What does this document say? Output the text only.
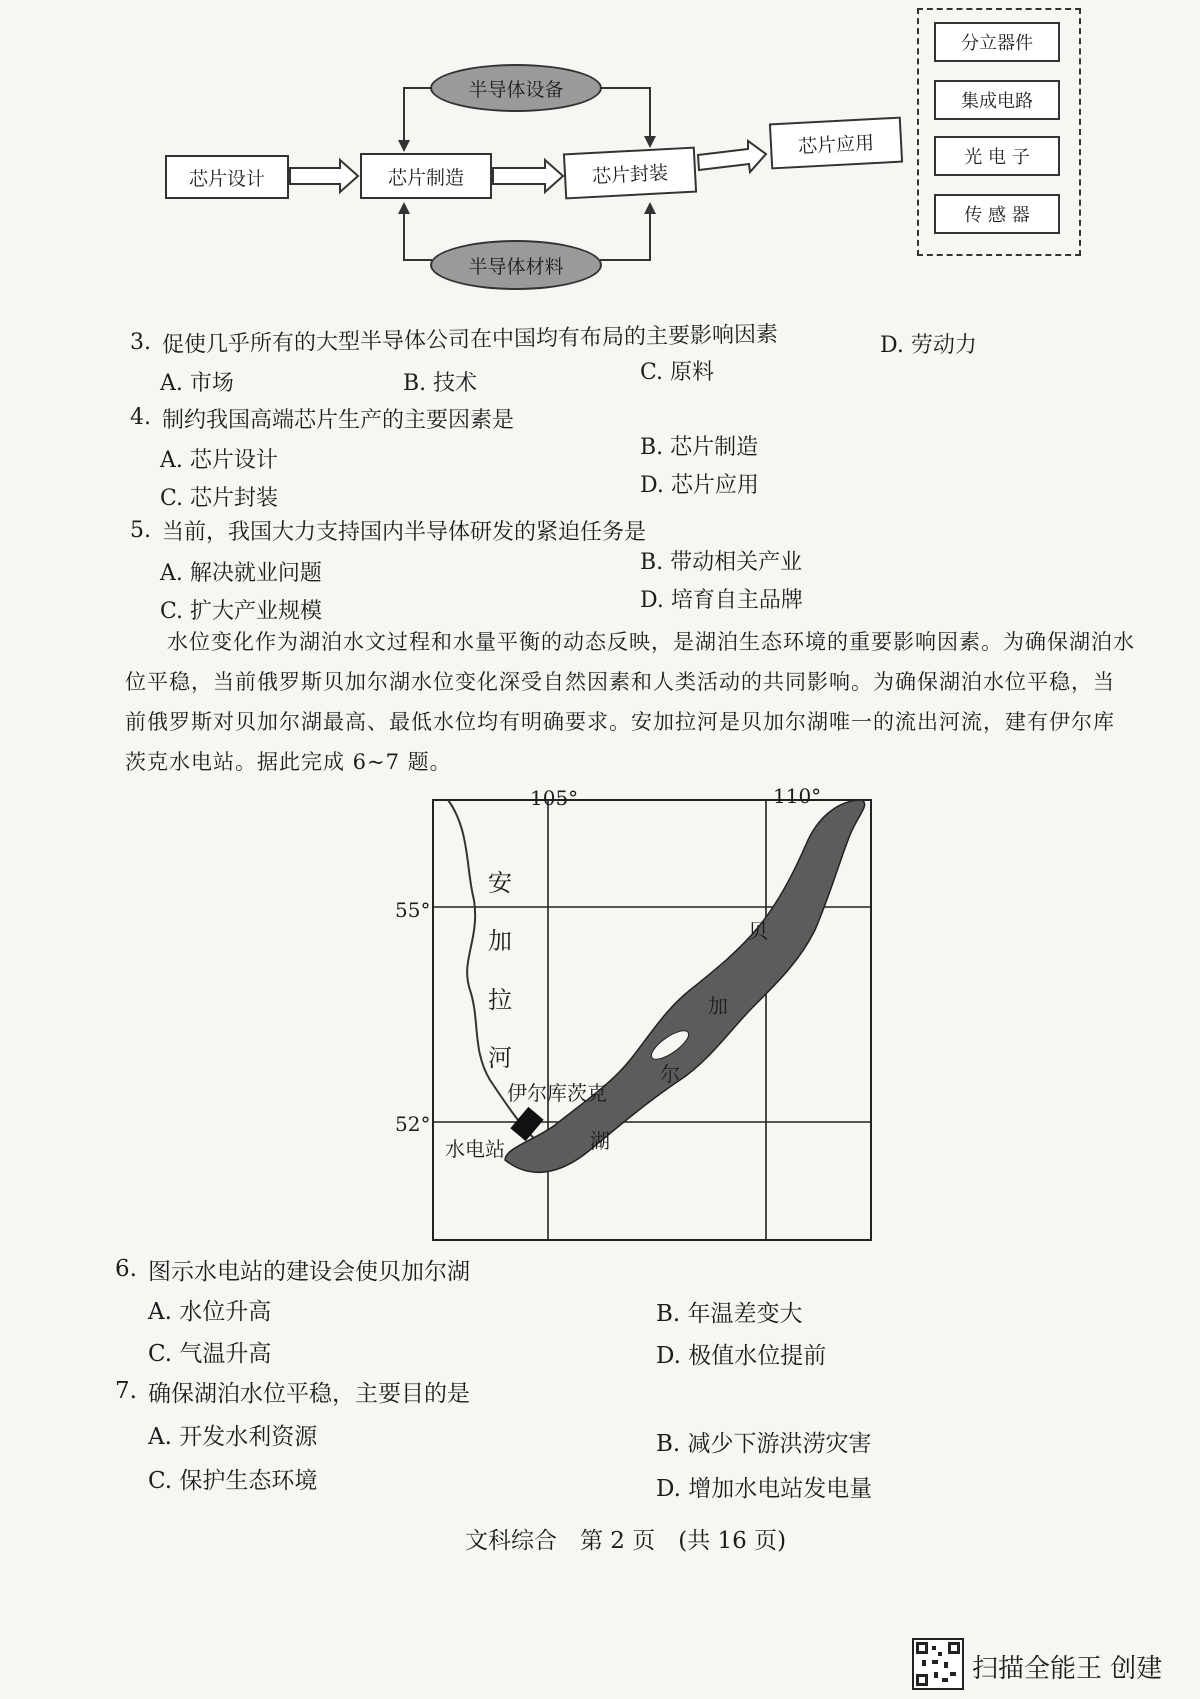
芯片设计	芯片制造	芯片封装
芯片应用
半导体设备
半导体材料
分立器件
集成电路
光 电 子
传 感 器
3. 促使几乎所有的大型半导体公司在中国均有布局的主要影响因素
A. 市场	B. 技术	C. 原料
D. 劳动力
4. 制约我国高端芯片生产的主要因素是
A. 芯片设计
B. 芯片制造
C. 芯片封装
D. 芯片应用
5. 当前，我国大力支持国内半导体研发的紧迫任务是
A. 解决就业问题	B. 带动相关产业
C. 扩大产业规模	D. 培育自主品牌
水位变化作为湖泊水文过程和水量平衡的动态反映，是湖泊生态环境的重要影响因素。为确保湖泊水位平稳，当前俄罗斯贝加尔湖水位变化深受自然因素和人类活动的共同影响。为确保湖泊水位平稳，当前俄罗斯对贝加尔湖最高、最低水位均有明确要求。安加拉河是贝加尔湖唯一的流出河流，建有伊尔库茨克水电站。据此完成 6~7 题。
105°	110°
55°
52°
安
加
拉
河
伊尔库茨克
水电站
贝
加
尔
湖
6. 图示水电站的建设会使贝加尔湖
A. 水位升高	B. 年温差变大
C. 气温升高	D. 极值水位提前
7. 确保湖泊水位平稳，主要目的是
A. 开发水利资源	B. 减少下游洪涝灾害
C. 保护生态环境	D. 增加水电站发电量
文科综合　第 2 页　(共 16 页)
扫描全能王 创建
